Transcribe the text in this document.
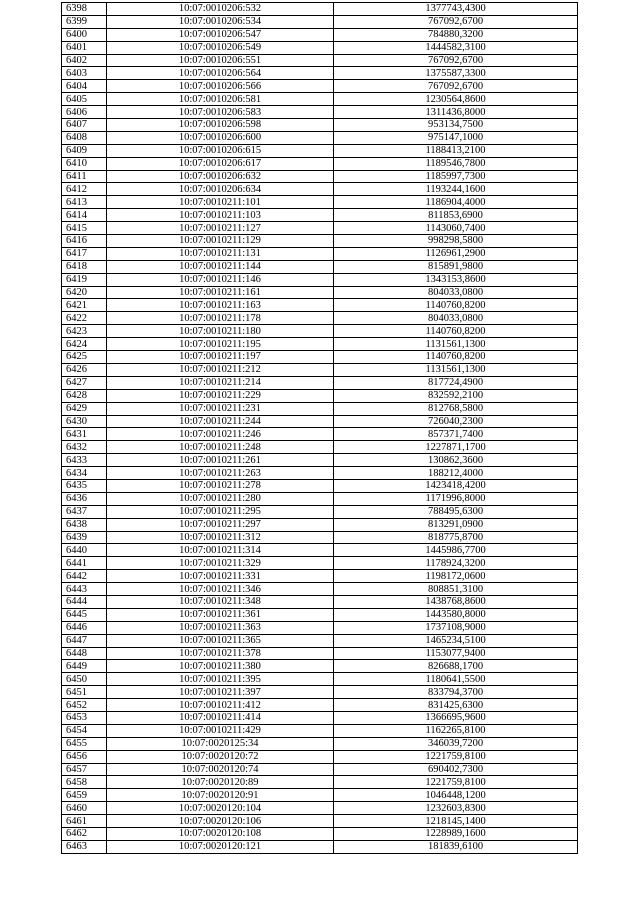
6398	10:07:0010206:532	1377743,4300
6399	10:07:0010206:534	767092,6700
6400	10:07:0010206:547	784880,3200
6401	10:07:0010206:549	1444582,3100
6402	10:07:0010206:551	767092,6700
6403	10:07:0010206:564	1375587,3300
6404	10:07:0010206:566	767092,6700
6405	10:07:0010206:581	1230564,8600
6406	10:07:0010206:583	1311436,8000
6407	10:07:0010206:598	953134,7500
6408	10:07:0010206:600	975147,1000
6409	10:07:0010206:615	1188413,2100
6410	10:07:0010206:617	1189546,7800
6411	10:07:0010206:632	1185997,7300
6412	10:07:0010206:634	1193244,1600
6413	10:07:0010211:101	1186904,4000
6414	10:07:0010211:103	811853,6900
6415	10:07:0010211:127	1143060,7400
6416	10:07:0010211:129	998298,5800
6417	10:07:0010211:131	1126961,2900
6418	10:07:0010211:144	815891,9800
6419	10:07:0010211:146	1343153,8600
6420	10:07:0010211:161	804033,0800
6421	10:07:0010211:163	1140760,8200
6422	10:07:0010211:178	804033,0800
6423	10:07:0010211:180	1140760,8200
6424	10:07:0010211:195	1131561,1300
6425	10:07:0010211:197	1140760,8200
6426	10:07:0010211:212	1131561,1300
6427	10:07:0010211:214	817724,4900
6428	10:07:0010211:229	832592,2100
6429	10:07:0010211:231	812768,5800
6430	10:07:0010211:244	726040,2300
6431	10:07:0010211:246	857371,7400
6432	10:07:0010211:248	1227871,1700
6433	10:07:0010211:261	130862,3600
6434	10:07:0010211:263	188212,4000
6435	10:07:0010211:278	1423418,4200
6436	10:07:0010211:280	1171996,8000
6437	10:07:0010211:295	788495,6300
6438	10:07:0010211:297	813291,0900
6439	10:07:0010211:312	818775,8700
6440	10:07:0010211:314	1445986,7700
6441	10:07:0010211:329	1178924,3200
6442	10:07:0010211:331	1198172,0600
6443	10:07:0010211:346	808851,3100
6444	10:07:0010211:348	1438768,8600
6445	10:07:0010211:361	1443580,8000
6446	10:07:0010211:363	1737108,9000
6447	10:07:0010211:365	1465234,5100
6448	10:07:0010211:378	1153077,9400
6449	10:07:0010211:380	826688,1700
6450	10:07:0010211:395	1180641,5500
6451	10:07:0010211:397	833794,3700
6452	10:07:0010211:412	831425,6300
6453	10:07:0010211:414	1366695,9600
6454	10:07:0010211:429	1162265,8100
6455	10:07:0020125:34	346039,7200
6456	10:07:0020120:72	1221759,8100
6457	10:07:0020120:74	690402,7300
6458	10:07:0020120:89	1221759,8100
6459	10:07:0020120:91	1046448,1200
6460	10:07:0020120:104	1232603,8300
6461	10:07:0020120:106	1218145,1400
6462	10:07:0020120:108	1228989,1600
6463	10:07:0020120:121	181839,6100
